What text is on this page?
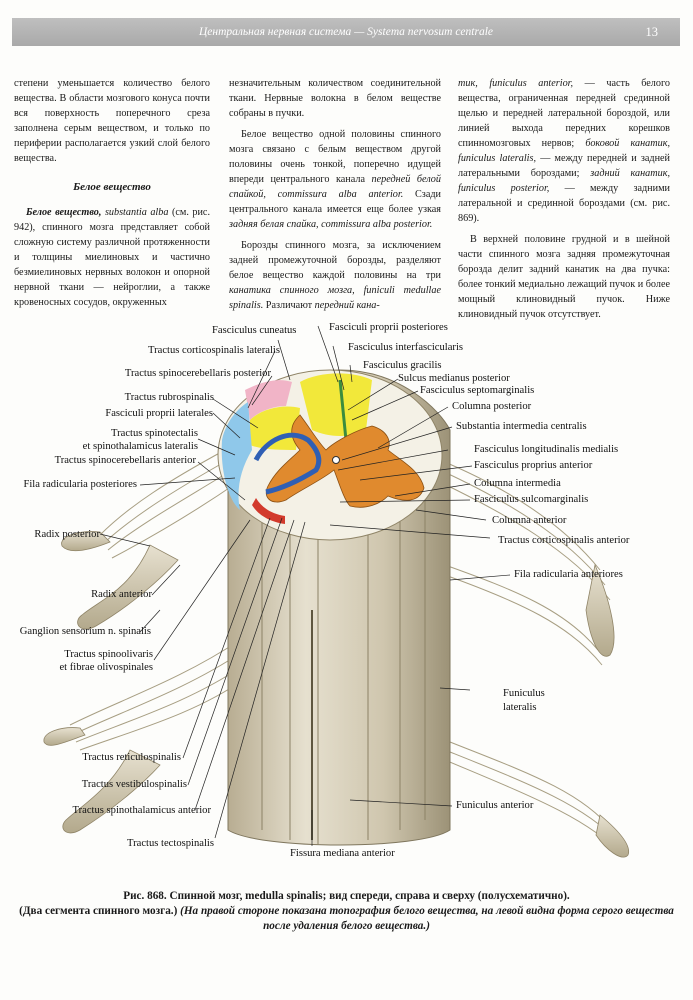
Центральная нервная система — Systema nervosum centrale	13

степени уменьшается количество белого вещества. В области мозгового конуса почти вся поверхность поперечного среза заполнена серым веществом, и только по периферии располагается узкий слой белого вещества.

Белое вещество

Белое вещество, substantia alba (см. рис. 942), спинного мозга представляет собой сложную систему различной протяженности и толщины миелиновых и частично безмиелиновых нервных волокон и опорной нервной ткани — нейроглии, а также кровеносных сосудов, окруженных

незначительным количеством соединительной ткани. Нервные волокна в белом веществе собраны в пучки.

Белое вещество одной половины спинного мозга связано с белым веществом другой половины очень тонкой, поперечно идущей впереди центрального канала передней белой спайкой, commissura alba anterior. Сзади центрального канала имеется еще более узкая задняя белая спайка, commissura alba posterior.

Борозды спинного мозга, за исключением задней промежуточной борозды, разделяют белое вещество каждой половины на три канатика спинного мозга, funiculi medullae spinalis. Различают передний кана-

тик, funiculus anterior, — часть белого вещества, ограниченная передней срединной щелью и передней латеральной бороздой, или линией выхода передних корешков спинномозговых нервов; боковой канатик, funiculus lateralis, — между передней и задней латеральными бороздами; задний канатик, funiculus posterior, — между задними латеральной и срединной бороздами (см. рис. 869).

В верхней половине грудной и в шейной части спинного мозга задняя промежуточная борозда делит задний канатик на два пучка: более тонкий медиально лежащий пучок и более мощный клиновидный пучок. Ниже клиновидный пучок отсутствует.

Fasciculus cuneatus	Fasciculi proprii posteriores
Fasciculus interfascicularis
Fasciculus gracilis
Tractus corticospinalis lateralis
Tractus spinocerebellaris posterior
Tractus rubrospinalis
Fasciculi proprii laterales
Tractus spinotectalis
et spinothalamicus lateralis
Tractus spinocerebellaris anterior
Fila radicularia posteriores
Radix posterior
Radix anterior
Ganglion sensorium n. spinalis
Tractus spinoolivaris
et fibrae olivospinales
Tractus reticulospinalis
Tractus vestibulospinalis
Tractus spinothalamicus anterior
Tractus tectospinalis
Sulcus medianus posterior
Fasciculus septomarginalis
Columna posterior
Substantia intermedia centralis
Fasciculus longitudinalis medialis
Fasciculus proprius anterior
Columna intermedia
Fasciculus sulcomarginalis
Columna anterior
Tractus corticospinalis anterior
Fila radicularia anteriores
Funiculus
lateralis
Funiculus anterior
Fissura mediana anterior
Рис. 868. Спинной мозг, medulla spinalis; вид спереди, справа и сверху (полусхематично).
(Два сегмента спинного мозга.) (На правой стороне показана топография белого вещества, на левой видна форма серого вещества после удаления белого вещества.)
